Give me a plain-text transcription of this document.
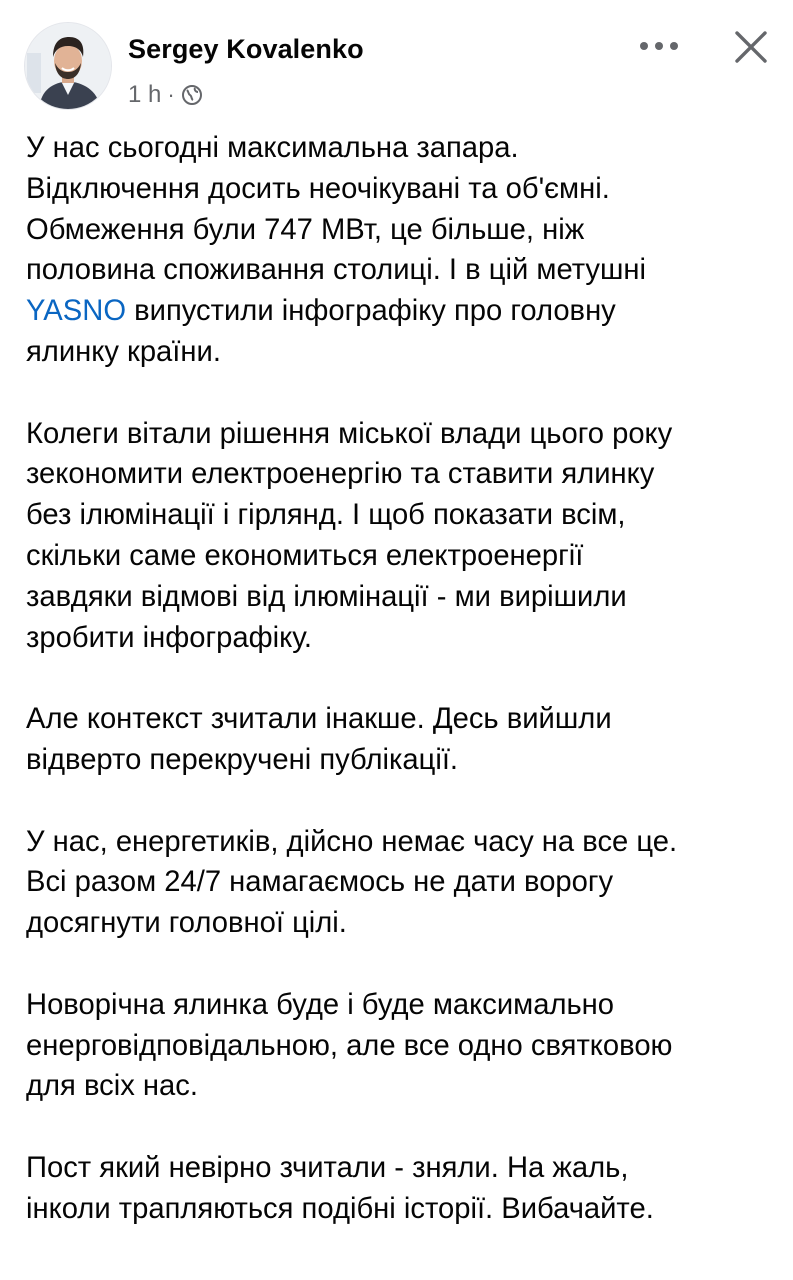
Sergey Kovalenko
1 h ·

У нас сьогодні максимальна запара.
Відключення досить неочікувані та об'ємні.
Обмеження були 747 МВт, це більше, ніж
половина споживання столиці. І в цій метушні
YASNO випустили інфографіку про головну
ялинку країни.

Колеги вітали рішення міської влади цього року
зекономити електроенергію та ставити ялинку
без ілюмінації і гірлянд. І щоб показати всім,
скільки саме економиться електроенергії
завдяки відмові від ілюмінації - ми вирішили
зробити інфографіку.

Але контекст зчитали інакше. Десь вийшли
відверто перекручені публікації.

У нас, енергетиків, дійсно немає часу на все це.
Всі разом 24/7 намагаємось не дати ворогу
досягнути головної цілі.

Новорічна ялинка буде і буде максимально
енерговідповідальною, але все одно святковою
для всіх нас.

Пост який невірно зчитали - зняли. На жаль,
інколи трапляються подібні історії. Вибачайте.
